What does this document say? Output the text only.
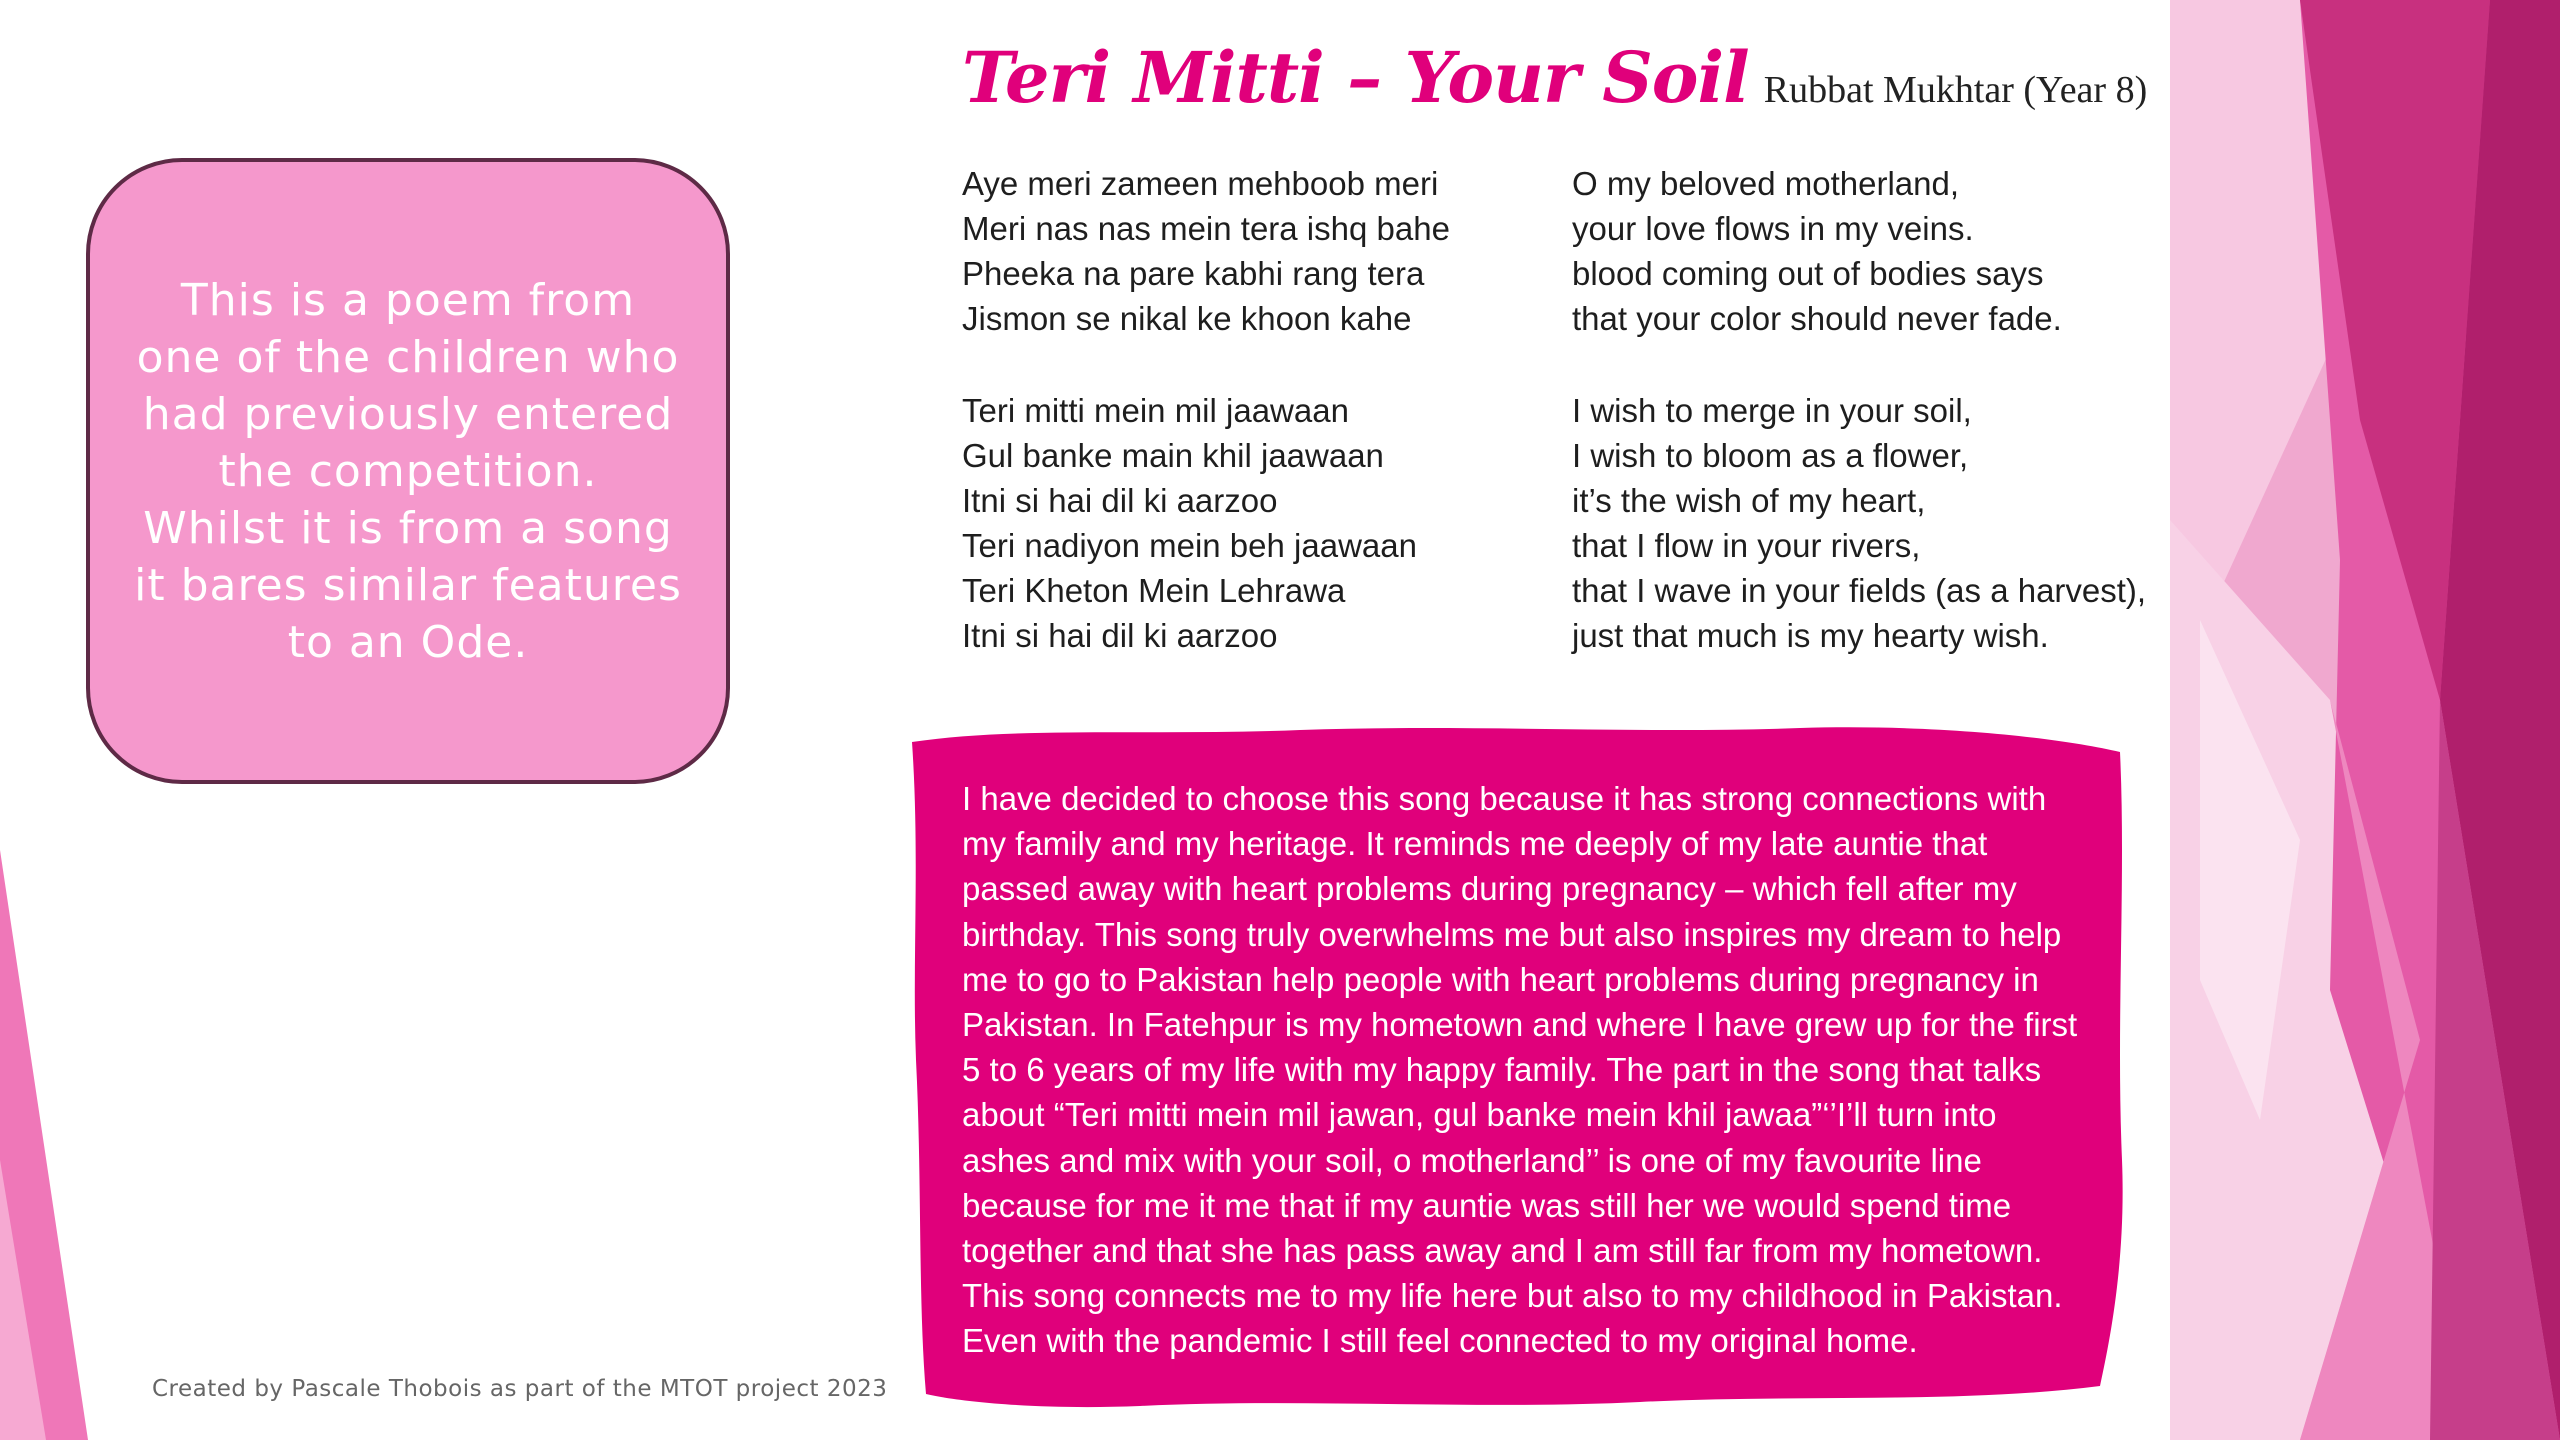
This is a poem from one of the children who had previously entered the competition.

Whilst it is from a song it bares similar features to an Ode.

Teri Mitti – Your Soil Rubbat Mukhtar (Year 8)
Aye meri zameen mehboob meri
Meri nas nas mein tera ishq bahe
Pheeka na pare kabhi rang tera
Jismon se nikal ke khoon kahe
O my beloved motherland,
your love flows in my veins.
blood coming out of bodies says
that your color should never fade.
Teri mitti mein mil jaawaan
Gul banke main khil jaawaan
Itni si hai dil ki aarzoo
Teri nadiyon mein beh jaawaan
Teri Kheton Mein Lehrawa
Itni si hai dil ki aarzoo
I wish to merge in your soil,
I wish to bloom as a flower,
it’s the wish of my heart,
that I flow in your rivers,
that I wave in your fields (as a harvest),
just that much is my hearty wish.

I have decided to choose this song because it has strong connections with my family and my heritage. It reminds me deeply of my late auntie that passed away with heart problems during pregnancy – which fell after my birthday. This song truly overwhelms me but also inspires my dream to help me to go to Pakistan help people with heart problems during pregnancy in Pakistan. In Fatehpur is my hometown and where I have grew up for the first 5 to 6 years of my life with my happy family. The part in the song that talks about “Teri mitti mein mil jawan, gul banke mein khil jawaa”‘’I’ll turn into ashes and mix with your soil, o motherland’’ is one of my favourite line because for me it me that if my auntie was still her we would spend time together and that she has pass away and I am still far from my hometown. This song connects me to my life here but also to my childhood in Pakistan. Even with the pandemic I still feel connected to my original home.

Created by Pascale Thobois as part of the MTOT project 2023
